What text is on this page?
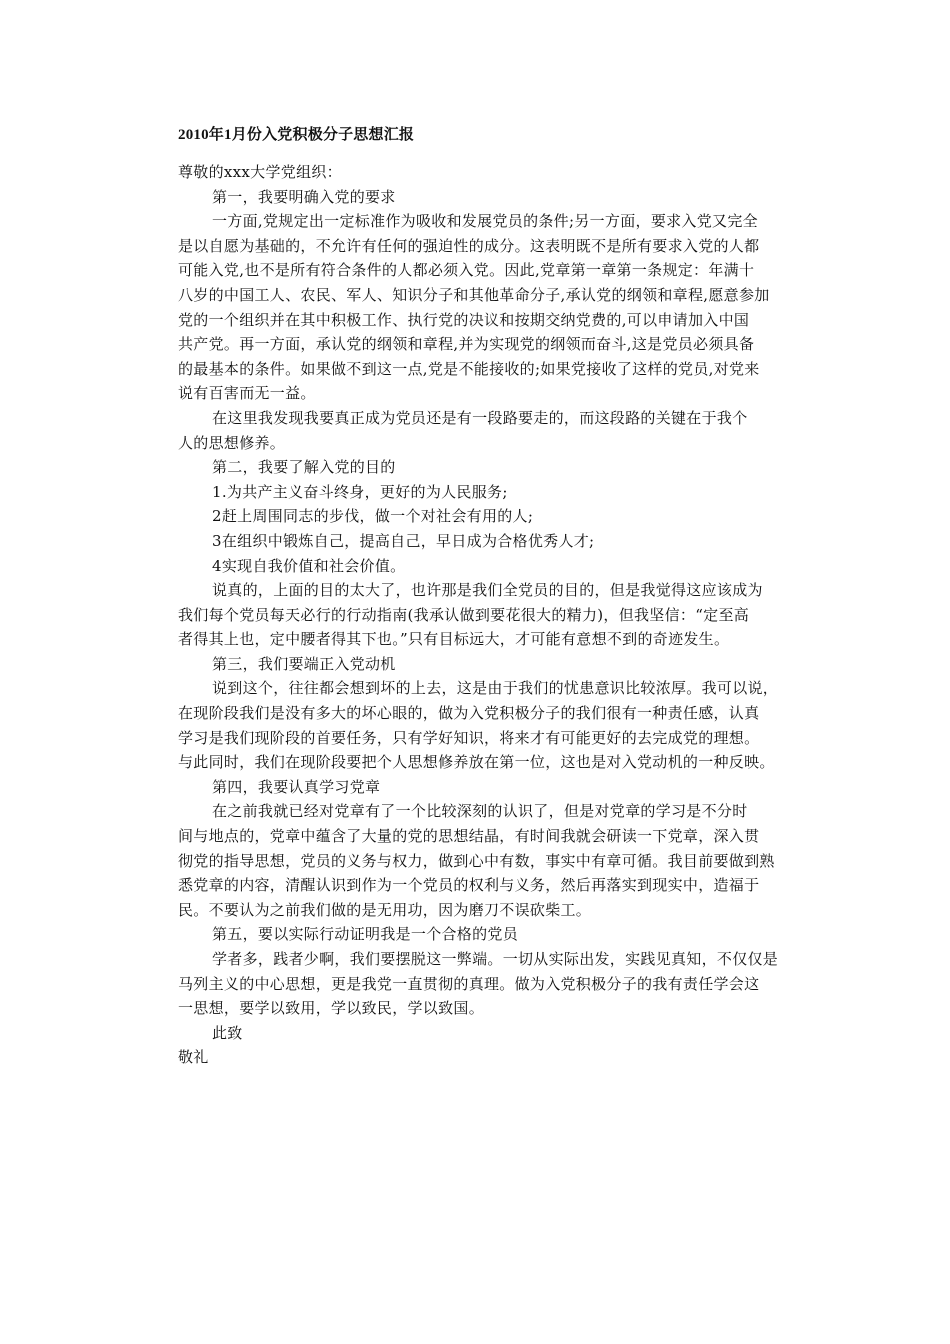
2010年1月份入党积极分子思想汇报
尊敬的xxx大学党组织：
第一，我要明确入党的要求
一方面,党规定出一定标准作为吸收和发展党员的条件;另一方面，要求入党又完全
是以自愿为基础的，不允许有任何的强迫性的成分。这表明既不是所有要求入党的人都
可能入党,也不是所有符合条件的人都必须入党。因此,党章第一章第一条规定：年满十
八岁的中国工人、农民、军人、知识分子和其他革命分子,承认党的纲领和章程,愿意参加
党的一个组织并在其中积极工作、执行党的决议和按期交纳党费的,可以申请加入中国
共产党。再一方面，承认党的纲领和章程,并为实现党的纲领而奋斗,这是党员必须具备
的最基本的条件。如果做不到这一点,党是不能接收的;如果党接收了这样的党员,对党来
说有百害而无一益。
在这里我发现我要真正成为党员还是有一段路要走的，而这段路的关键在于我个
人的思想修养。
第二，我要了解入党的目的
1.为共产主义奋斗终身，更好的为人民服务;
2赶上周围同志的步伐，做一个对社会有用的人;
3在组织中锻炼自己，提高自己，早日成为合格优秀人才;
4实现自我价值和社会价值。
说真的，上面的目的太大了，也许那是我们全党员的目的，但是我觉得这应该成为
我们每个党员每天必行的行动指南(我承认做到要花很大的精力)，但我坚信：“定至高
者得其上也，定中腰者得其下也。”只有目标远大，才可能有意想不到的奇迹发生。
第三，我们要端正入党动机
说到这个，往往都会想到坏的上去，这是由于我们的忧患意识比较浓厚。我可以说，
在现阶段我们是没有多大的坏心眼的，做为入党积极分子的我们很有一种责任感，认真
学习是我们现阶段的首要任务，只有学好知识，将来才有可能更好的去完成党的理想。
与此同时，我们在现阶段要把个人思想修养放在第一位，这也是对入党动机的一种反映。
第四，我要认真学习党章
在之前我就已经对党章有了一个比较深刻的认识了，但是对党章的学习是不分时
间与地点的，党章中蕴含了大量的党的思想结晶，有时间我就会研读一下党章，深入贯
彻党的指导思想，党员的义务与权力，做到心中有数，事实中有章可循。我目前要做到熟
悉党章的内容，清醒认识到作为一个党员的权利与义务，然后再落实到现实中，造福于
民。不要认为之前我们做的是无用功，因为磨刀不误砍柴工。
第五，要以实际行动证明我是一个合格的党员
学者多，践者少啊，我们要摆脱这一弊端。一切从实际出发，实践见真知，不仅仅是
马列主义的中心思想，更是我党一直贯彻的真理。做为入党积极分子的我有责任学会这
一思想，要学以致用，学以致民，学以致国。
此致
敬礼
